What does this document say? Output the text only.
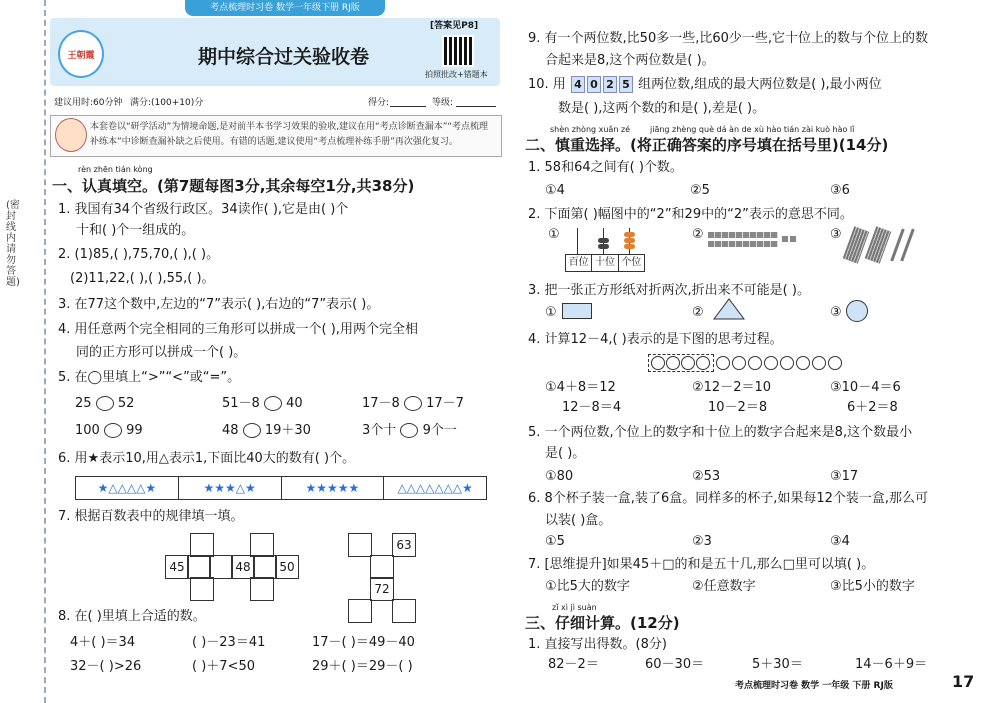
(密封线内请勿答题)
考点梳理时习卷 数学一年级下册 RJ版
王朝霞	期中综合过关验收卷
[答案见P8]
拍照批改+错题本
建议用时:60分钟 满分:(100+10)分	得分:	等级:
本套卷以“研学活动”为情境命题,是对前半本书学习效果的验收,建议在用“考点诊断查漏本”“考点梳理补练本”中诊断查漏补缺之后使用。有错的话题,建议使用“考点梳理补练手册”再次强化复习。
rèn zhēn tián kòng
一、认真填空。(第7题每图3分,其余每空1分,共38分)
1. 我国有34个省级行政区。34读作( ),它是由( )个
十和( )个一组成的。
2. (1)85,( ),75,70,( ),( )。
(2)11,22,( ),( ),55,( )。
3. 在77这个数中,左边的“7”表示( ),右边的“7”表示( )。
4. 用任意两个完全相同的三角形可以拼成一个( ),用两个完全相
同的正方形可以拼成一个( )。
5. 在◯里填上“>”“<”或“=”。
25 52	51－8 40	17－8 17－7
100 99	48 19＋30	3个十 9个一
6. 用★表示10,用△表示1,下面比40大的数有( )个。
★△△△△★	★★★△★	★★★★★	△△△△△△△★
7. 根据百数表中的规律填一填。
45	48	50
63
72
8. 在( )里填上合适的数。
4＋( )＝34	( )－23＝41	17－( )＝49－40
32－( )>26	( )＋7<50	29＋( )＝29－( )
9. 有一个两位数,比50多一些,比60少一些,它十位上的数与个位上的数
合起来是8,这个两位数是( )。
10. 用 4 0 2 5 组两位数,组成的最大两位数是( ),最小两位
数是( ),这两个数的和是( ),差是( )。
shèn zhòng xuǎn zé jiāng zhèng què dá àn de xù hào tián zài kuò hào lǐ
二、慎重选择。(将正确答案的序号填在括号里)(14分)
1. 58和64之间有( )个数。
①4	②5	③6
2. 下面第( )幅图中的“2”和29中的“2”表示的意思不同。
①
百位 十位 个位
②	③
3. 把一张正方形纸对折两次,折出来不可能是( )。
①	②	③
4. 计算12－4,( )表示的是下图的思考过程。
①4＋8＝12	②12－2＝10	③10－4＝6
12－8＝4	10－2＝8	6＋2＝8
5. 一个两位数,个位上的数字和十位上的数字合起来是8,这个数最小
是( )。
①80	②53	③17
6. 8个杯子装一盒,装了6盒。同样多的杯子,如果每12个装一盒,那么可
以装( )盒。
①5	②3	③4
7. [思维提升]如果45＋□的和是五十几,那么□里可以填( )。
①比5大的数字	②任意数字	③比5小的数字
zǐ xì jì suàn
三、仔细计算。(12分)
1. 直接写出得数。(8分)
82－2＝	60－30＝	5＋30＝	14－6＋9＝
考点梳理时习卷 数学 一年级 下册 RJ版	17
